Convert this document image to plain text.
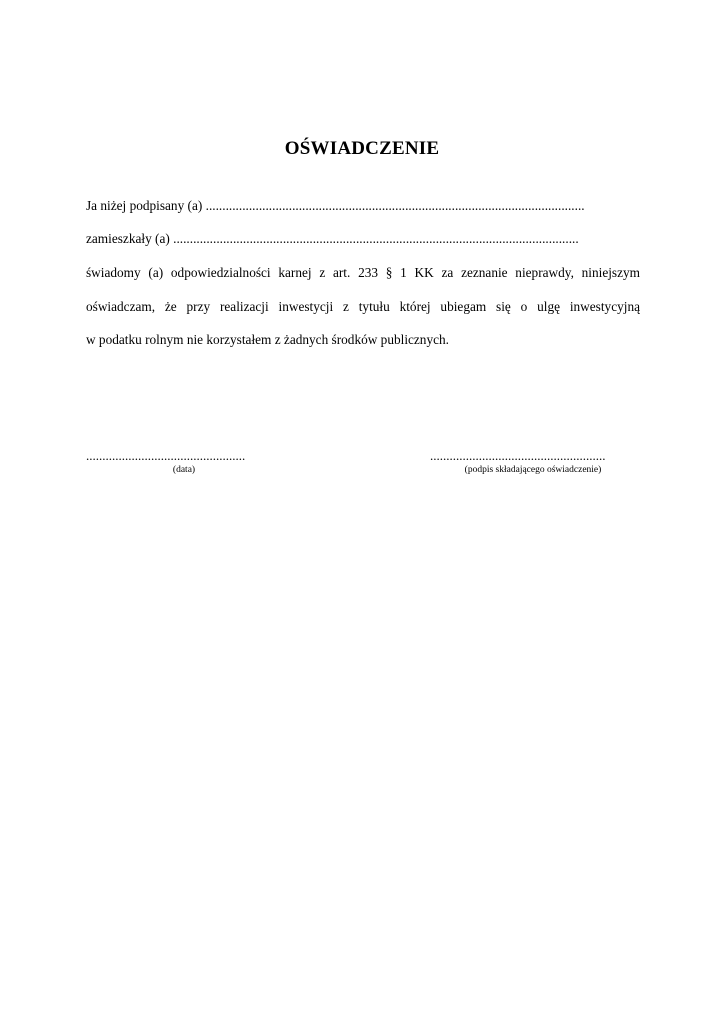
OŚWIADCZENIE
Ja niżej podpisany (a) ..................................................................................................................
zamieszkały (a) ..........................................................................................................................
świadomy (a) odpowiedzialności karnej z art. 233 § 1 KK za zeznanie nieprawdy, niniejszym
oświadczam, że przy realizacji inwestycji z tytułu której ubiegam się o ulgę inwestycyjną
w podatku rolnym nie korzystałem z żadnych środków publicznych.
.................................................
(data)
......................................................
(podpis składającego oświadczenie)
